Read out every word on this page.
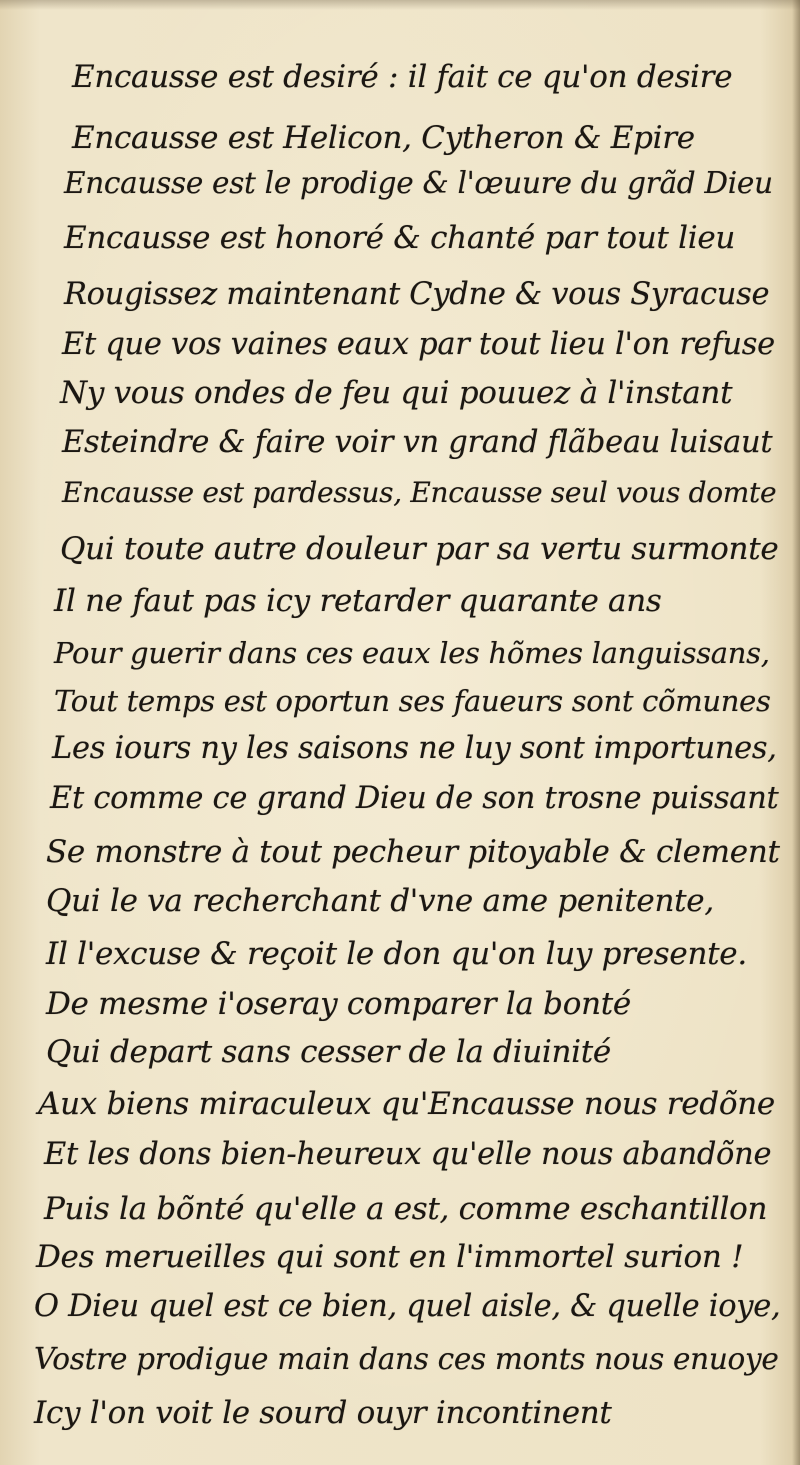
Encausse est desiré : il fait ce qu'on desire

Encausse est Helicon, Cytheron & Epire

Encausse est le prodige & l'œuure du grãd Dieu

Encausse est honoré & chanté par tout lieu

Rougissez maintenant Cydne & vous Syracuse

Et que vos vaines eaux par tout lieu l'on refuse

Ny vous ondes de feu qui pouuez à l'instant

Esteindre & faire voir vn grand flãbeau luisaut

Encausse est pardessus, Encausse seul vous domte

Qui toute autre douleur par sa vertu surmonte

Il ne faut pas icy retarder quarante ans

Pour guerir dans ces eaux les hõmes languissans,

Tout temps est oportun ses faueurs sont cõmunes

Les iours ny les saisons ne luy sont importunes,

Et comme ce grand Dieu de son trosne puissant

Se monstre à tout pecheur pitoyable & clement

Qui le va recherchant d'vne ame penitente,

Il l'excuse & reçoit le don qu'on luy presente.

De mesme i'oseray comparer la bonté

Qui depart sans cesser de la diuinité

Aux biens miraculeux qu'Encausse nous redõne

Et les dons bien-heureux qu'elle nous abandõne

Puis la bõnté qu'elle a est, comme eschantillon

Des merueilles qui sont en l'immortel surion !

O Dieu quel est ce bien, quel aisle, & quelle ioye,

Vostre prodigue main dans ces monts nous enuoye

Icy l'on voit le sourd ouyr incontinent
